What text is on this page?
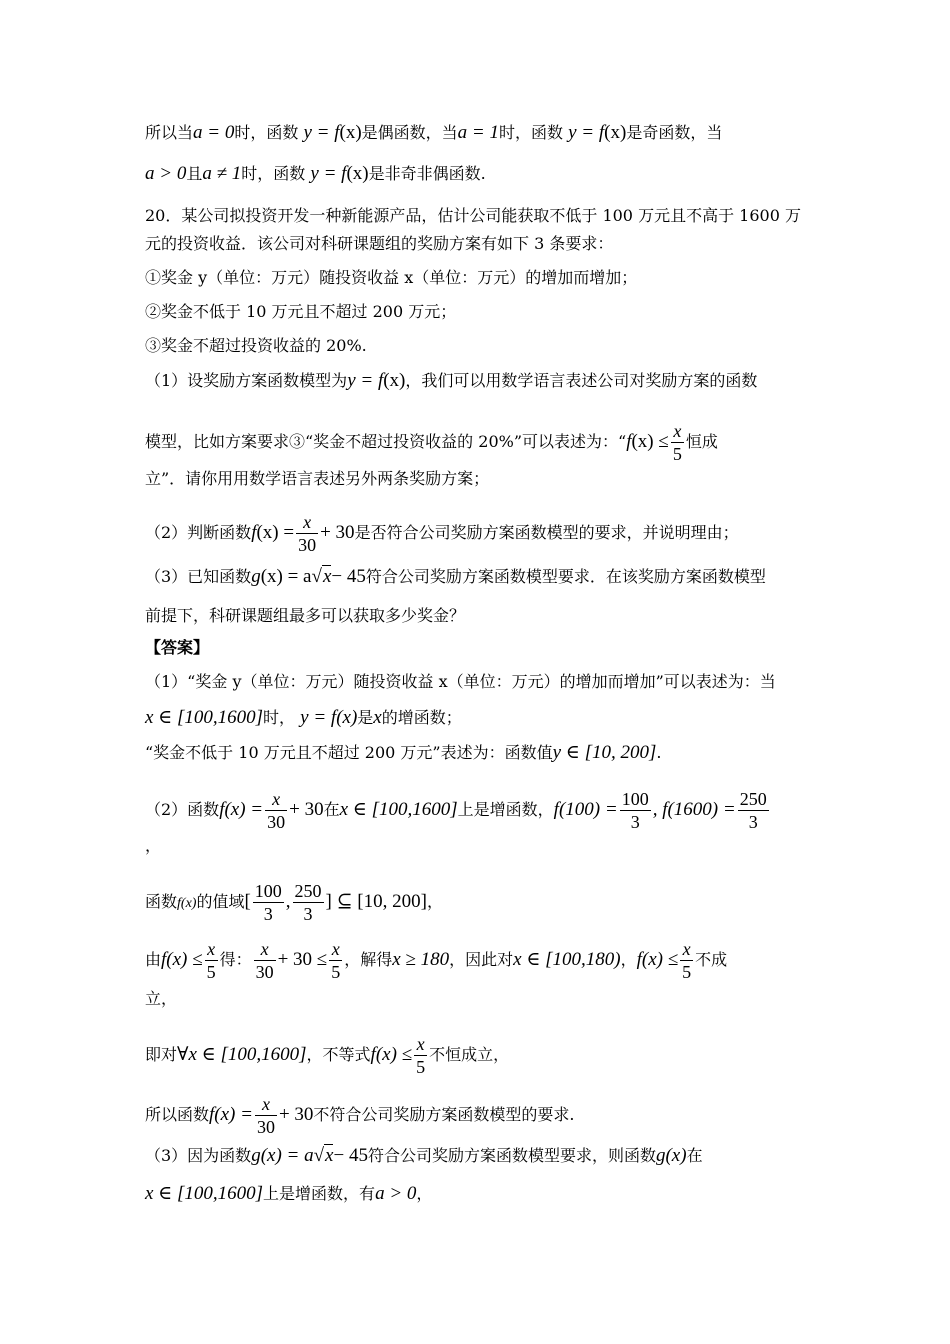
所以当a = 0时，函数 y = f(x)是偶函数，当a = 1时，函数 y = f(x)是奇函数，当
a > 0且a ≠ 1时，函数 y = f(x)是非奇非偶函数.
20．某公司拟投资开发一种新能源产品，估计公司能获取不低于 100 万元且不高于 1600 万
元的投资收益．该公司对科研课题组的奖励方案有如下 3 条要求：
①奖金 y（单位：万元）随投资收益 x（单位：万元）的增加而增加；
②奖金不低于 10 万元且不超过 200 万元；
③奖金不超过投资收益的 20%.
（1）设奖励方案函数模型为y = f(x)，我们可以用数学语言表述公司对奖励方案的函数
模型，比如方案要求③“奖金不超过投资收益的 20%”可以表述为：“$f(x) \le \frac{x}{5}$ 恒成
立”．请你用用数学语言表述另外两条奖励方案；
（2）判断函数$f(x) = \frac{x}{30} + 30$是否符合公司奖励方案函数模型的要求，并说明理由；
（3）已知函数g(x) = a√x− 45符合公司奖励方案函数模型要求．在该奖励方案函数模型
前提下，科研课题组最多可以获取多少奖金？
【答案】
（1）“奖金 y（单位：万元）随投资收益 x（单位：万元）的增加而增加”可以表述为：当
x ∈ [100,1600]时， y = f(x)是x的增函数；
“奖金不低于 10 万元且不超过 200 万元”表述为：函数值y ∈ [10, 200].
（2）函数$f(x) = \frac{x}{30} + 30$在x ∈ [100,1600]上是增函数，$f(100) = \frac{100}{3}$ , $f(1600) = \frac{250}{3}$
，
函数f(x)的值域[ $\frac{100}{3}$ , $\frac{250}{3}$ ] ⊆ [10, 200]，
由$f(x) \le \frac{x}{5}$ 得： $\frac{x}{30} + 30 \le \frac{x}{5}$ ，解得x ≥ 180，因此对x ∈ [100,180)，$f(x) \le \frac{x}{5}$ 不成
立，
即对∀x ∈ [100,1600]，不等式$f(x) \le \frac{x}{5}$ 不恒成立，
所以函数$f(x) = \frac{x}{30} + 30$不符合公司奖励方案函数模型的要求.
（3）因为函数g(x) = a√x− 45符合公司奖励方案函数模型要求，则函数g(x)在
x ∈ [100,1600]上是增函数，有a > 0，
